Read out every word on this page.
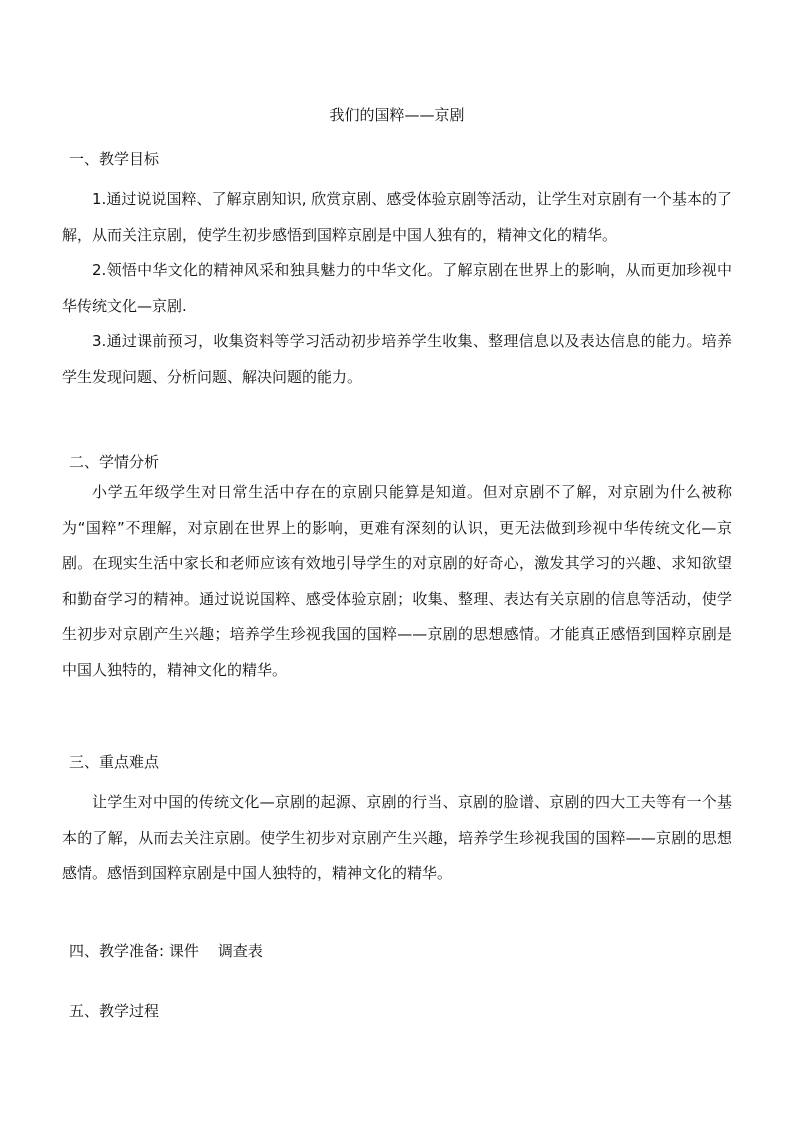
我们的国粹——京剧
一、教学目标

1.通过说说国粹、了解京剧知识, 欣赏京剧、感受体验京剧等活动，让学生对京剧有一个基本的了解，从而关注京剧，使学生初步感悟到国粹京剧是中国人独有的，精神文化的精华。

2.领悟中华文化的精神风采和独具魅力的中华文化。了解京剧在世界上的影响，从而更加珍视中华传统文化—京剧.

3.通过课前预习，收集资料等学习活动初步培养学生收集、整理信息以及表达信息的能力。培养学生发现问题、分析问题、解决问题的能力。

二、学情分析

小学五年级学生对日常生活中存在的京剧只能算是知道。但对京剧不了解，对京剧为什么被称为“国粹”不理解，对京剧在世界上的影响，更难有深刻的认识，更无法做到珍视中华传统文化—京剧。在现实生活中家长和老师应该有效地引导学生的对京剧的好奇心，激发其学习的兴趣、求知欲望和勤奋学习的精神。通过说说国粹、感受体验京剧；收集、整理、表达有关京剧的信息等活动，使学生初步对京剧产生兴趣；培养学生珍视我国的国粹——京剧的思想感情。才能真正感悟到国粹京剧是中国人独特的，精神文化的精华。

三、重点难点

让学生对中国的传统文化—京剧的起源、京剧的行当、京剧的脸谱、京剧的四大工夫等有一个基本的了解，从而去关注京剧。使学生初步对京剧产生兴趣，培养学生珍视我国的国粹——京剧的思想感情。感悟到国粹京剧是中国人独特的，精神文化的精华。

四、教学准备: 课件    调查表
五、教学过程
